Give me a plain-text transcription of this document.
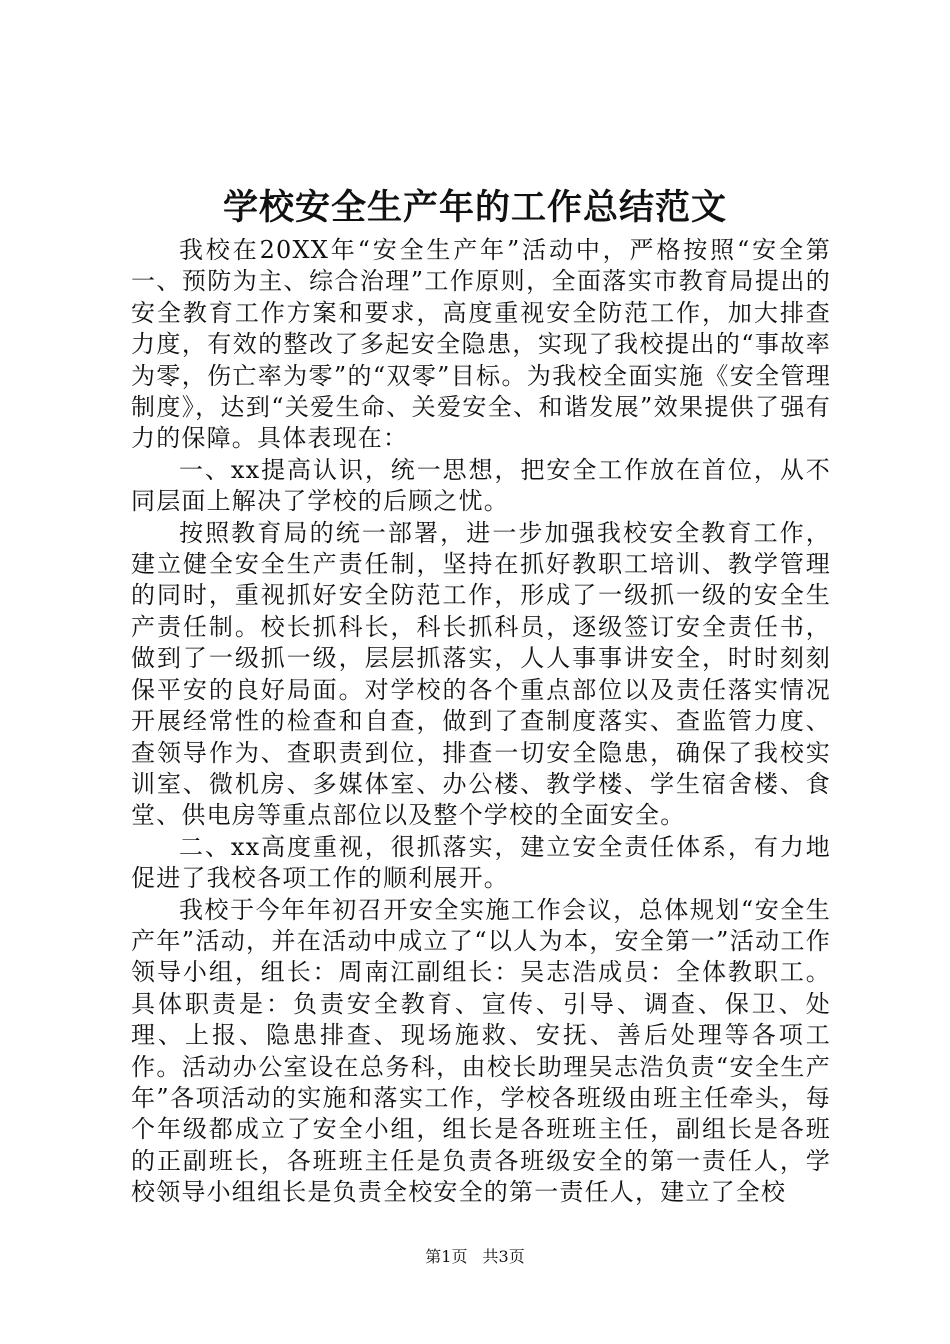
学校安全生产年的工作总结范文

我校在20XX年“安全生产年”活动中，严格按照“安全第一、预防为主、综合治理”工作原则，全面落实市教育局提出的安全教育工作方案和要求，高度重视安全防范工作，加大排查力度，有效的整改了多起安全隐患，实现了我校提出的“事故率为零，伤亡率为零”的“双零”目标。为我校全面实施《安全管理制度》，达到“关爱生命、关爱安全、和谐发展”效果提供了强有力的保障。具体表现在：

一、xx提高认识，统一思想，把安全工作放在首位，从不同层面上解决了学校的后顾之忧。

按照教育局的统一部署，进一步加强我校安全教育工作，建立健全安全生产责任制，坚持在抓好教职工培训、教学管理的同时，重视抓好安全防范工作，形成了一级抓一级的安全生产责任制。校长抓科长，科长抓科员，逐级签订安全责任书，做到了一级抓一级，层层抓落实，人人事事讲安全，时时刻刻保平安的良好局面。对学校的各个重点部位以及责任落实情况开展经常性的检查和自查，做到了查制度落实、查监管力度、查领导作为、查职责到位，排查一切安全隐患，确保了我校实训室、微机房、多媒体室、办公楼、教学楼、学生宿舍楼、食堂、供电房等重点部位以及整个学校的全面安全。

二、xx高度重视，很抓落实，建立安全责任体系，有力地促进了我校各项工作的顺利展开。

我校于今年年初召开安全实施工作会议，总体规划“安全生产年”活动，并在活动中成立了“以人为本，安全第一”活动工作领导小组，组长：周南江副组长：吴志浩成员：全体教职工。具体职责是：负责安全教育、宣传、引导、调查、保卫、处理、上报、隐患排查、现场施救、安抚、善后处理等各项工作。活动办公室设在总务科，由校长助理吴志浩负责“安全生产年”各项活动的实施和落实工作，学校各班级由班主任牵头，每个年级都成立了安全小组，组长是各班班主任，副组长是各班的正副班长，各班班主任是负责各班级安全的第一责任人，学校领导小组组长是负责全校安全的第一责任人，建立了全校

第1页 共3页
